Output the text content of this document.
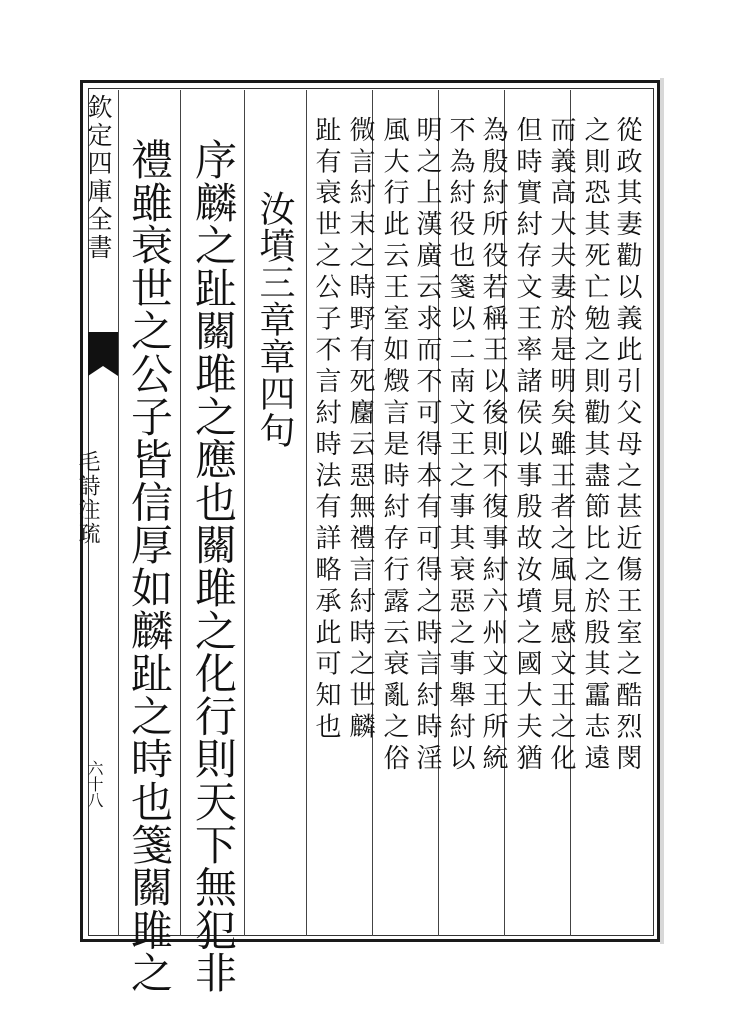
欽定四庫全書
毛詩注疏
六十八
從政其妻勸以義此引父母之甚近傷王室之酷烈閔
之則恐其死亡勉之則勸其盡節比之於殷其靁志遠
而義高大夫妻於是明矣雖王者之風見感文王之化
但時實紂存文王率諸侯以事殷故汝墳之國大夫猶
為殷紂所役若稱王以後則不復事紂六州文王所統
不為紂役也箋以二南文王之事其衰惡之事舉紂以
明之上漢廣云求而不可得本有可得之時言紂時淫
風大行此云王室如燬言是時紂存行露云衰亂之俗
微言紂末之時野有死麕云惡無禮言紂時之世麟
趾有衰世之公子不言紂時法有詳略承此可知也
汝墳三章章四句
序麟之趾關雎之應也關雎之化行則天下無犯非
禮雖衰世之公子皆信厚如麟趾之時也箋關雎之
